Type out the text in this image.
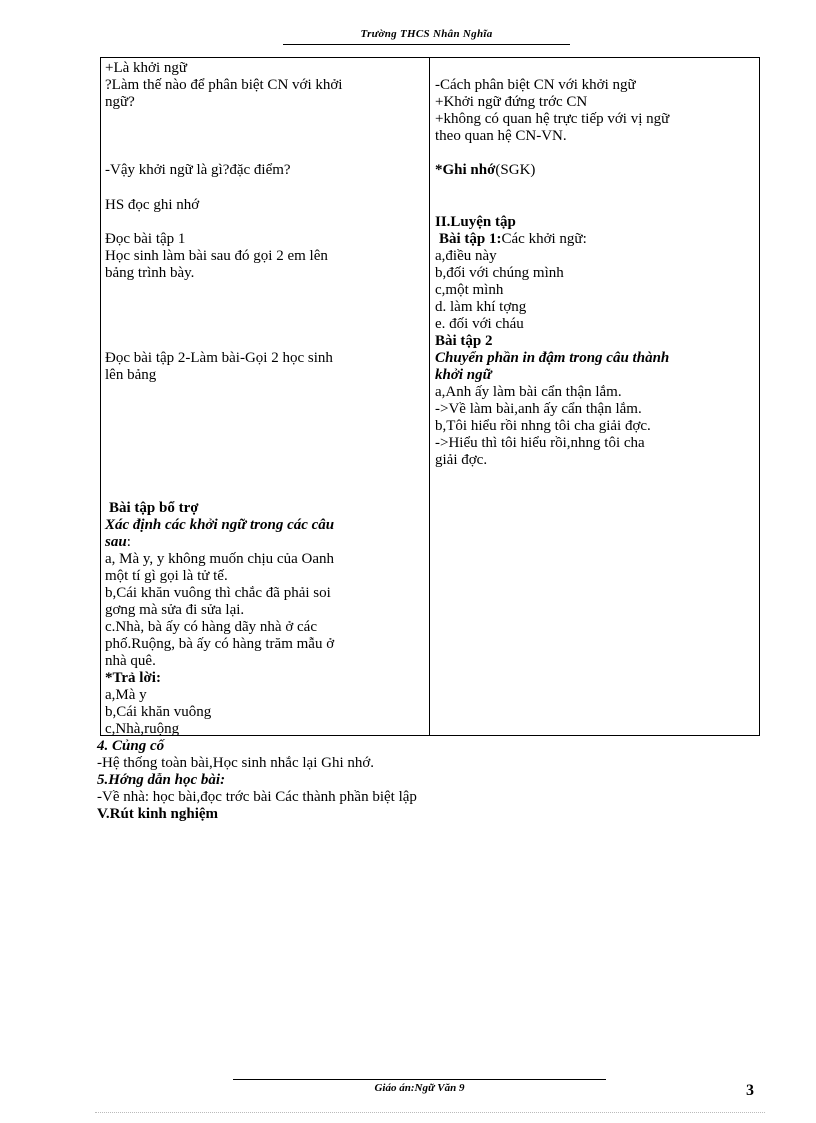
Trường THCS Nhân Nghĩa
+Là khởi ngữ
?Làm thế nào để phân biệt CN với khởi
ngữ?
-Vậy khởi ngữ là gì?đặc điểm?
HS đọc ghi nhớ
Đọc bài tập 1
Học sinh làm bài sau đó gọi 2 em lên
bảng trình bày.
Đọc bài tập 2-Làm bài-Gọi 2 học sinh
lên bảng
Bài tập bổ trợ
Xác định các khởi ngữ trong các câu
sau:
a, Mà y, y không muốn chịu của Oanh
một tí gì gọi là tử tế.
b,Cái khăn vuông thì chắc đã phải soi
gơng mà sửa đi sửa lại.
c.Nhà, bà ấy có hàng dãy nhà ở các
phố.Ruộng, bà ấy có hàng trăm mẫu ở
nhà quê.
*Trả lời:
a,Mà y
b,Cái khăn vuông
c,Nhà,ruộng
-Cách phân biệt CN với khởi ngữ
+Khởi ngữ đứng trớc CN
+không có quan hệ trực tiếp với vị ngữ
theo quan hệ CN-VN.
*Ghi nhớ(SGK)
II.Luyện tập
Bài tập 1:Các khởi ngữ:
a,điều này
b,đối với chúng mình
c,một mình
d. làm khí tợng
e. đối với cháu
Bài tập 2
Chuyển phần in đậm trong câu thành
khởi ngữ
a,Anh ấy làm bài cẩn thận lắm.
->Về làm bài,anh ấy cẩn thận lắm.
b,Tôi hiểu rồi nhng tôi cha giải đợc.
->Hiểu thì tôi hiểu rồi,nhng tôi cha
giải đợc.
4. Củng cố
-Hệ thống toàn bài,Học sinh nhắc lại Ghi nhớ.
5.Hớng dẫn học bài:
-Về nhà: học bài,đọc trớc bài Các thành phần biệt lập
V.Rút kinh nghiệm
Giáo án:Ngữ Văn 9	3
